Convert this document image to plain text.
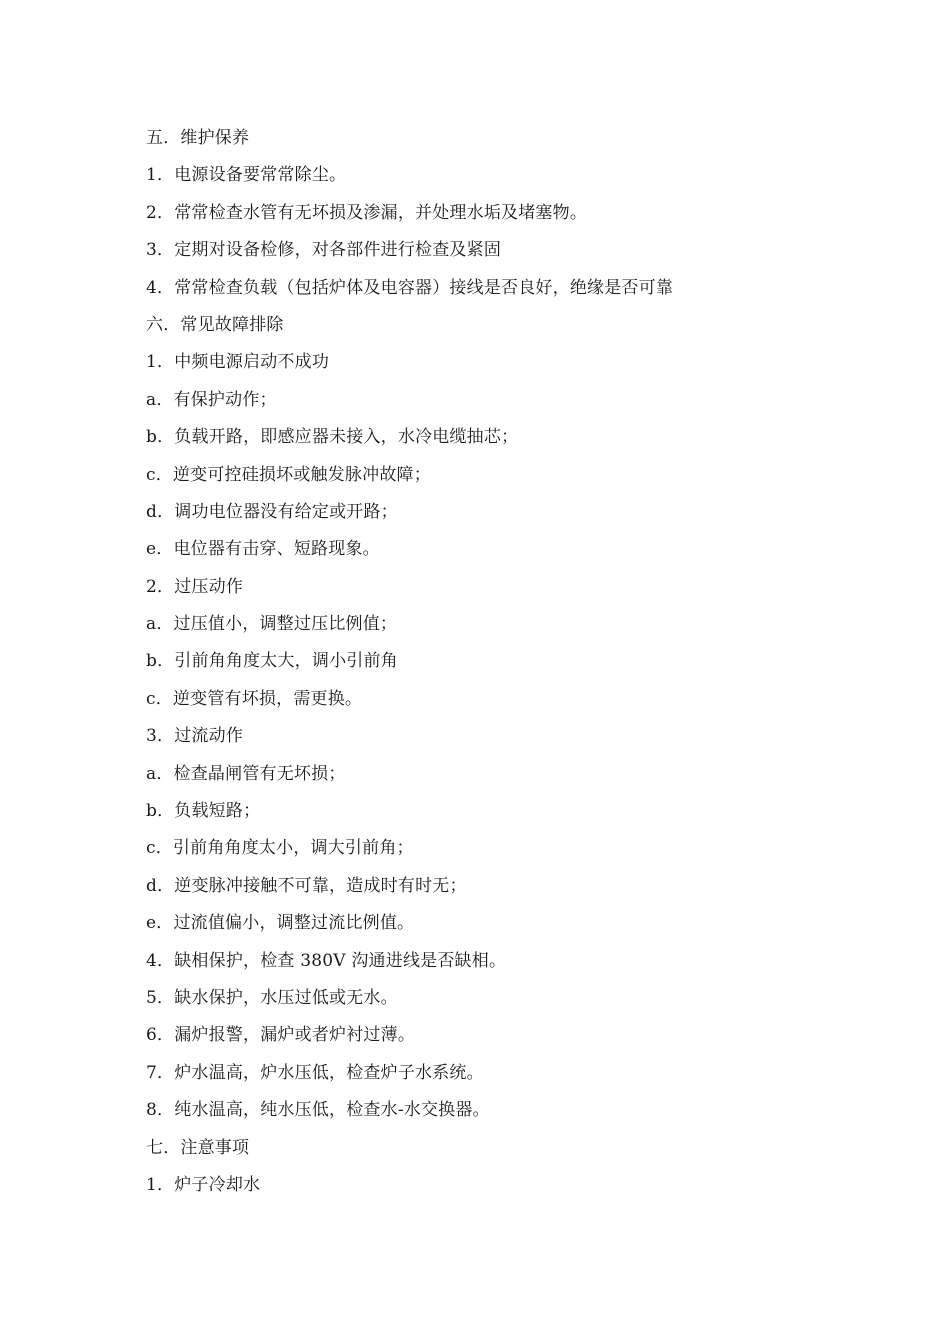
五．维护保养
1．电源设备要常常除尘。
2．常常检查水管有无坏损及渗漏，并处理水垢及堵塞物。
3．定期对设备检修，对各部件进行检查及紧固
4．常常检查负载（包括炉体及电容器）接线是否良好，绝缘是否可靠
六．常见故障排除
1．中频电源启动不成功
a．有保护动作；
b．负载开路，即感应器未接入，水冷电缆抽芯；
c．逆变可控硅损坏或触发脉冲故障；
d．调功电位器没有给定或开路；
e．电位器有击穿、短路现象。
2．过压动作
a．过压值小，调整过压比例值；
b．引前角角度太大，调小引前角
c．逆变管有坏损，需更换。
3．过流动作
a．检查晶闸管有无坏损；
b．负载短路；
c．引前角角度太小，调大引前角；
d．逆变脉冲接触不可靠，造成时有时无；
e．过流值偏小，调整过流比例值。
4．缺相保护，检查 380V 沟通进线是否缺相。
5．缺水保护，水压过低或无水。
6．漏炉报警，漏炉或者炉衬过薄。
7．炉水温高，炉水压低，检查炉子水系统。
8．纯水温高，纯水压低，检查水-水交换器。
七．注意事项
1．炉子冷却水
